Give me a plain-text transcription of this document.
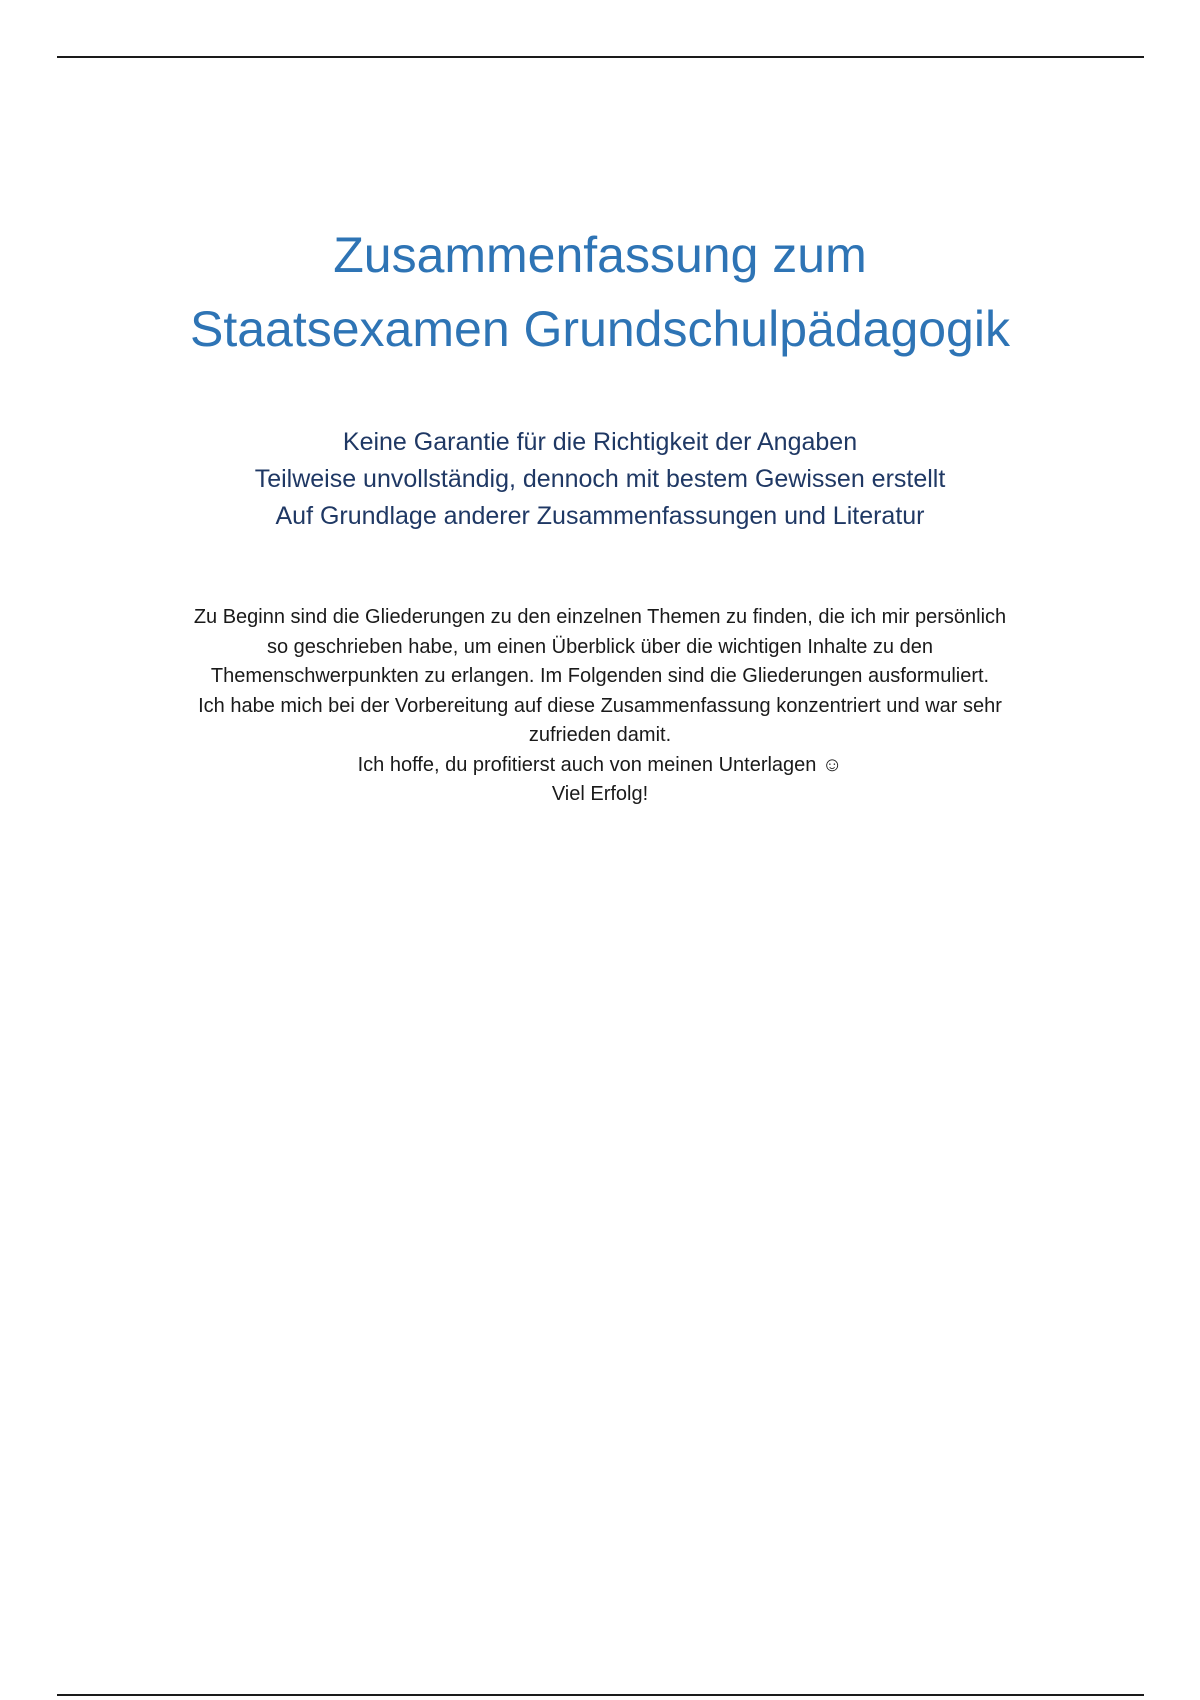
Zusammenfassung zum
Staatsexamen Grundschulpädagogik
Keine Garantie für die Richtigkeit der Angaben
Teilweise unvollständig, dennoch mit bestem Gewissen erstellt
Auf Grundlage anderer Zusammenfassungen und Literatur
Zu Beginn sind die Gliederungen zu den einzelnen Themen zu finden, die ich mir persönlich
so geschrieben habe, um einen Überblick über die wichtigen Inhalte zu den
Themenschwerpunkten zu erlangen. Im Folgenden sind die Gliederungen ausformuliert.
Ich habe mich bei der Vorbereitung auf diese Zusammenfassung konzentriert und war sehr
zufrieden damit.
Ich hoffe, du profitierst auch von meinen Unterlagen ☺
Viel Erfolg!
